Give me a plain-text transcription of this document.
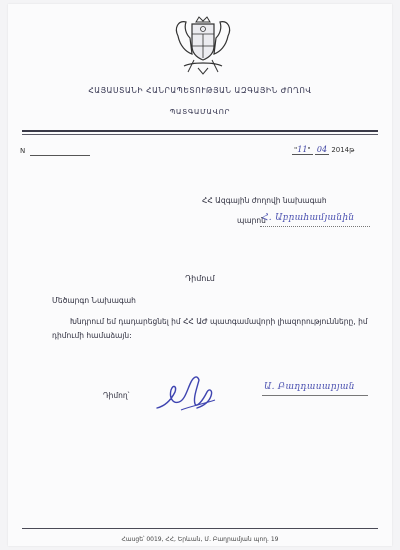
ՀԱՅԱՍՏԱՆԻ ՀԱՆՐԱՊԵՏՈՒԹՅԱՆ ԱԶԳԱՅԻՆ ԺՈՂՈՎ
ՊԱՏԳԱՄԱՎՈՐ
N	"11" 04 2014թ
ՀՀ Ազգային ժողովի նախագահ
պարոն
Հ. Աբրահամյանին
Դիմում
Մեծարգո Նախագահ
Խնդրում եմ դադարեցնել իմ ՀՀ ԱԺ պատգամավորի լիազորությունները, իմ
դիմումի համաձայն:
Դիմող՝
Ա. Բաղդասարյան
Հասցե՝ 0019, ՀՀ, Երևան, Մ. Բաղրամյան պող. 19
